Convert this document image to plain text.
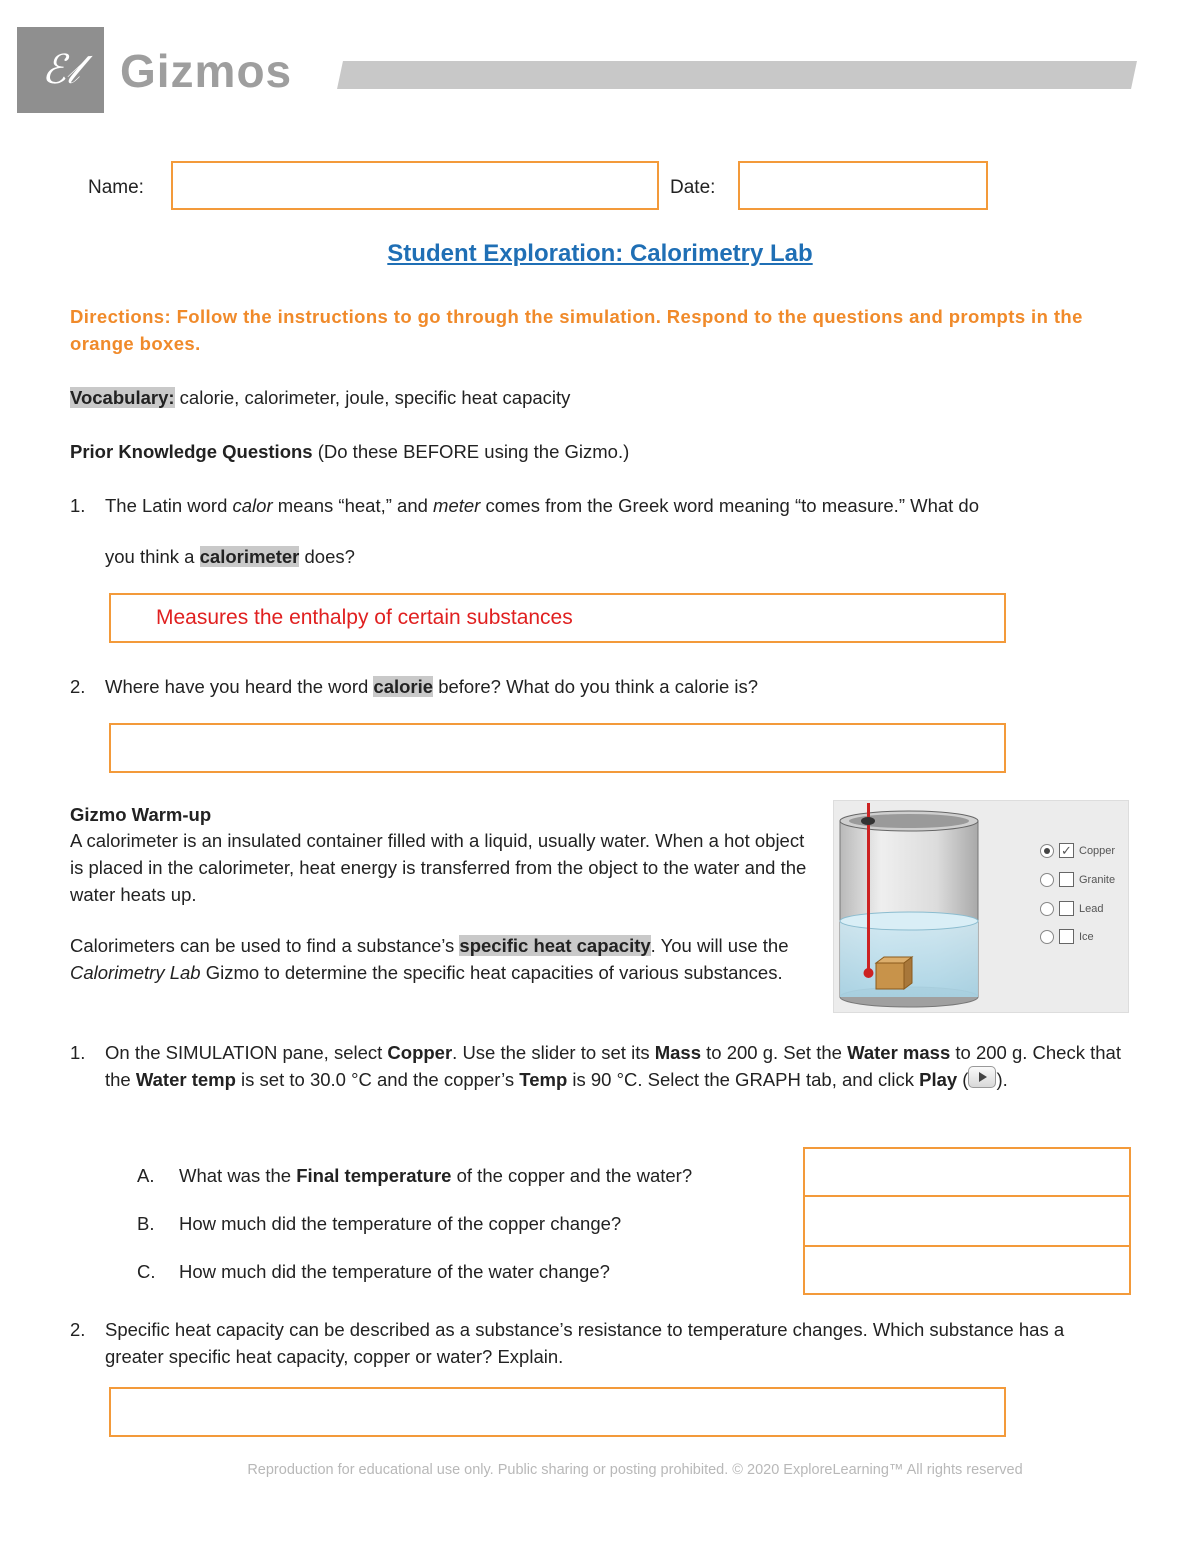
ℰ𝓁 Gizmos
Name:	Date:
Student Exploration: Calorimetry Lab
Directions: Follow the instructions to go through the simulation. Respond to the questions and prompts in the orange boxes.
Vocabulary: calorie, calorimeter, joule, specific heat capacity
Prior Knowledge Questions (Do these BEFORE using the Gizmo.)
1. The Latin word calor means “heat,” and meter comes from the Greek word meaning “to measure.” What do
you think a calorimeter does?
Measures the enthalpy of certain substances
2. Where have you heard the word calorie before? What do you think a calorie is?
Gizmo Warm-up
A calorimeter is an insulated container filled with a liquid, usually water. When a hot object is placed in the calorimeter, heat energy is transferred from the object to the water and the water heats up.
Calorimeters can be used to find a substance’s specific heat capacity. You will use the Calorimetry Lab Gizmo to determine the specific heat capacities of various substances.
✓ Copper
Granite
Lead
Ice
1. On the SIMULATION pane, select Copper. Use the slider to set its Mass to 200 g. Set the Water mass to 200 g. Check that the Water temp is set to 30.0 °C and the copper’s Temp is 90 °C. Select the GRAPH tab, and click Play ( ).
A. What was the Final temperature of the copper and the water?
B. How much did the temperature of the copper change?
C. How much did the temperature of the water change?
2. Specific heat capacity can be described as a substance’s resistance to temperature changes. Which substance has a greater specific heat capacity, copper or water? Explain.
Reproduction for educational use only. Public sharing or posting prohibited. © 2020 ExploreLearning™ All rights reserved
